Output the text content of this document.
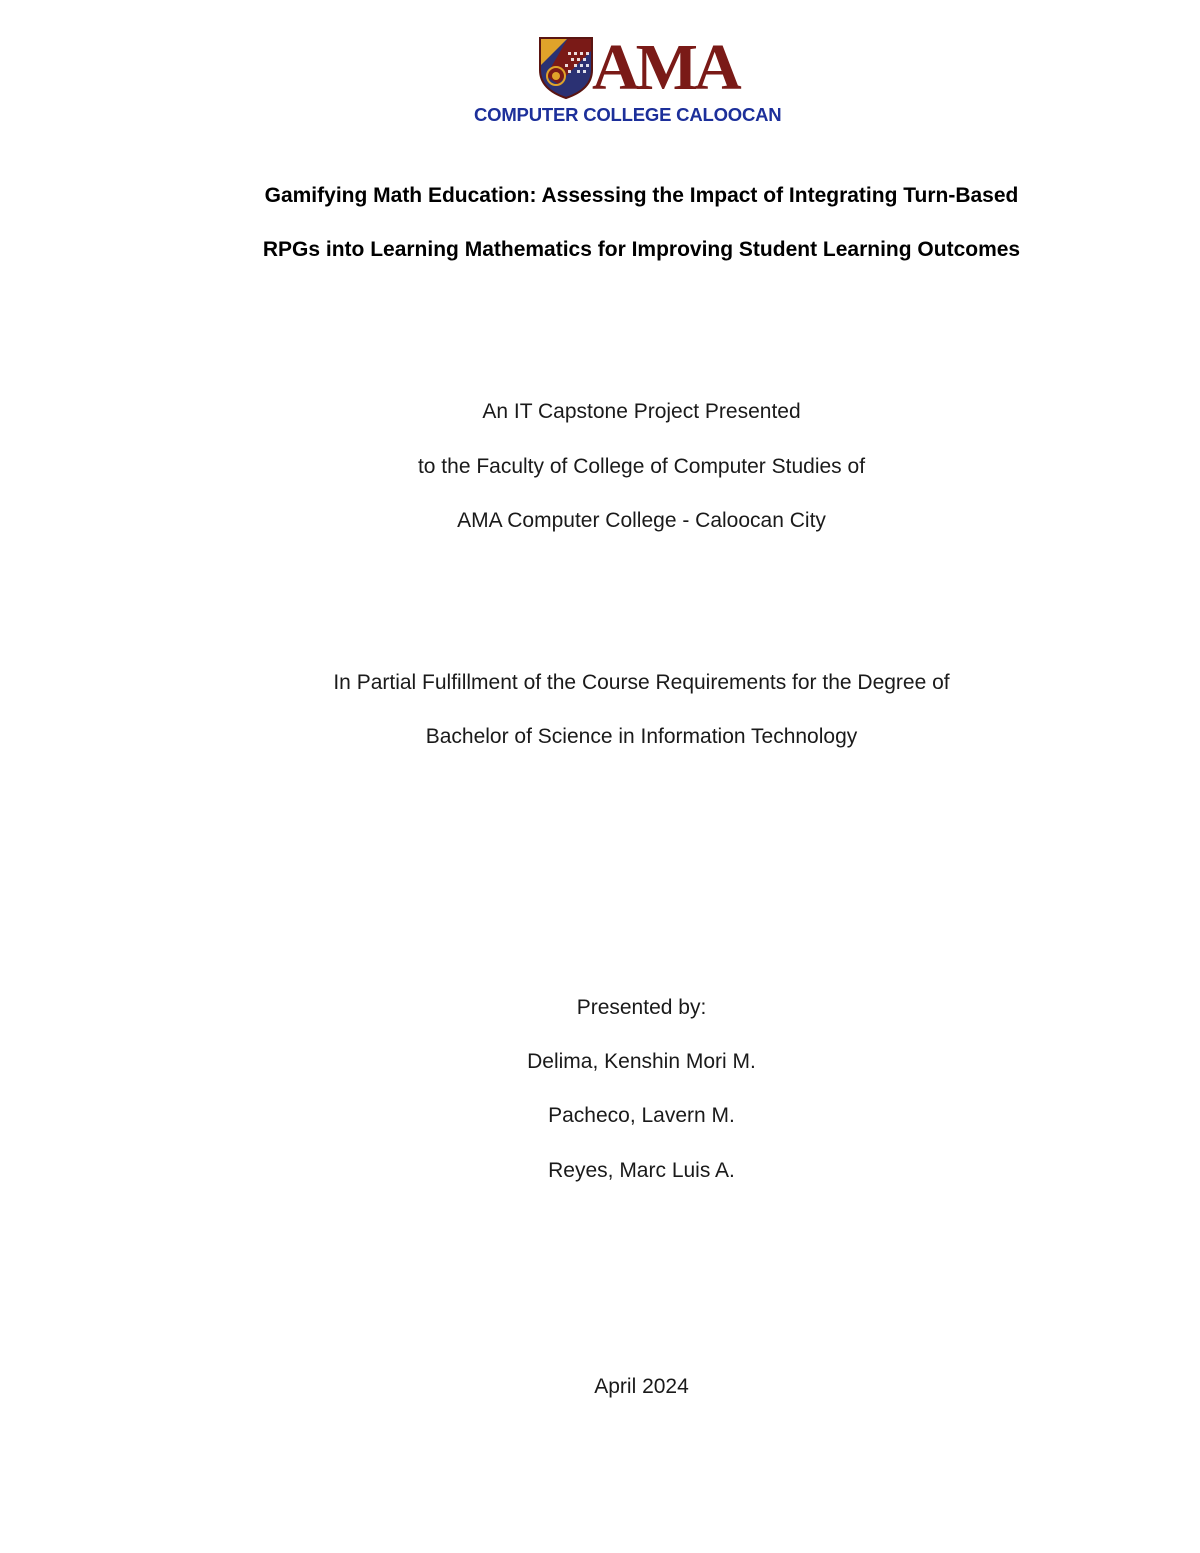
AMA
COMPUTER COLLEGE CALOOCAN
Gamifying Math Education: Assessing the Impact of Integrating Turn-Based
RPGs into Learning Mathematics for Improving Student Learning Outcomes
An IT Capstone Project Presented
to the Faculty of College of Computer Studies of
AMA Computer College - Caloocan City
In Partial Fulfillment of the Course Requirements for the Degree of
Bachelor of Science in Information Technology
Presented by:
Delima, Kenshin Mori M.
Pacheco, Lavern M.
Reyes, Marc Luis A.
April 2024
